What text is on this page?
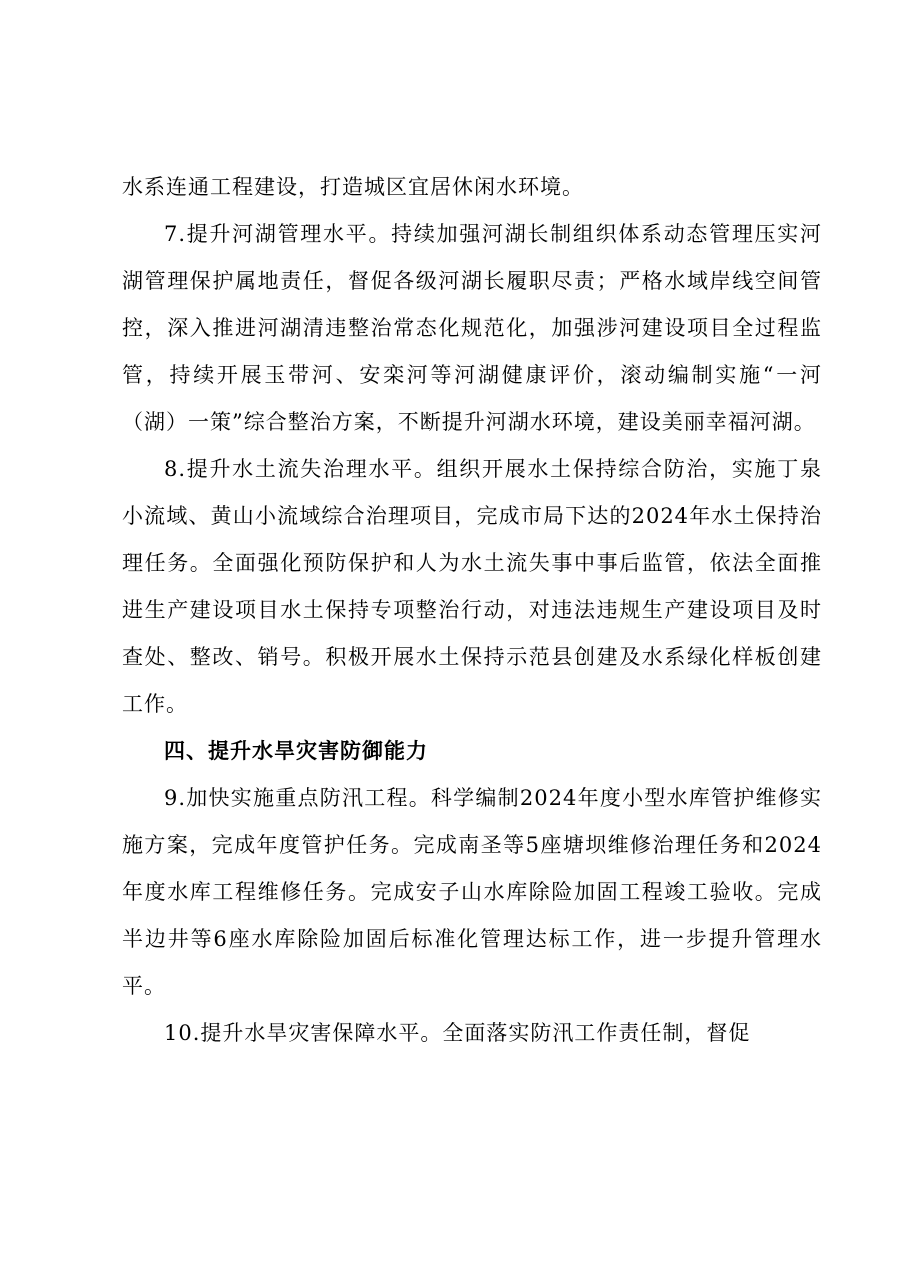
水系连通工程建设，打造城区宜居休闲水环境。

7.提升河湖管理水平。持续加强河湖长制组织体系动态管理压实河湖管理保护属地责任，督促各级河湖长履职尽责；严格水域岸线空间管控，深入推进河湖清违整治常态化规范化，加强涉河建设项目全过程监管，持续开展玉带河、安栾河等河湖健康评价，滚动编制实施“一河（湖）一策”综合整治方案，不断提升河湖水环境，建设美丽幸福河湖。

8.提升水土流失治理水平。组织开展水土保持综合防治，实施丁泉小流域、黄山小流域综合治理项目，完成市局下达的2024年水土保持治理任务。全面强化预防保护和人为水土流失事中事后监管，依法全面推进生产建设项目水土保持专项整治行动，对违法违规生产建设项目及时查处、整改、销号。积极开展水土保持示范县创建及水系绿化样板创建工作。

四、提升水旱灾害防御能力

9.加快实施重点防汛工程。科学编制2024年度小型水库管护维修实施方案，完成年度管护任务。完成南圣等5座塘坝维修治理任务和2024年度水库工程维修任务。完成安子山水库除险加固工程竣工验收。完成半边井等6座水库除险加固后标准化管理达标工作，进一步提升管理水平。

10.提升水旱灾害保障水平。全面落实防汛工作责任制，督促
